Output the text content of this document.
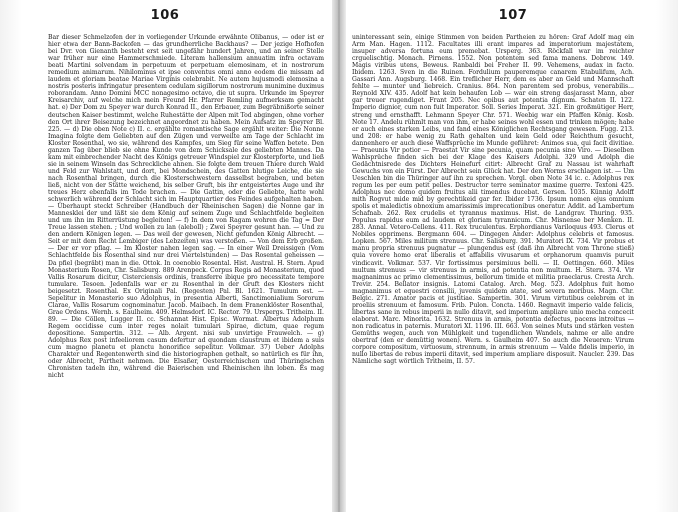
106
Bar dieser Schmelzofen der in vorliegender Urkunde erwähnte Olibanus, — oder ist er hier etwa der Bann-Backofen — das grundherrliche Backhaus? — Der jezige Hofhofen bei Dvr. von Gienanth besteht erst seit ungefähr hundert Jahren, und an seiner Stelle war früher nur eine Hammerschmiede. Literam hallensium annuatim infra octavam beati Martini solvendam in perpetuum et perpetuam elemosinam, et in nostrorum remedium animarum. Nihilominus et ipse conventus omni anno eodem die missam ad laudem et gloriam beatae Mariae Virginis celebrabit. Ne autem hujusmodi elemosina a nostris posteris infringatur presentem cedulam sigillorum nostrorum munimine duximus roborandam. Anno Domini MCC nonagesimo octavo, die ut supra. Urkunde im Speyrer Kreisarchiv, auf welche mich mein Freund Hr. Pfarrer Remling aufmerksam gemacht hat. e) Der Dom zu Speyer war durch Konrad II., den Erbauer, zum Begräbnißorte seiner deutschen Kaiser bestimmt, welche Ruhestätte der Alpen mit Tod abgingen, ohne vorher den Ort ihrer Beisezung bezeichnet angeordnet zu haben. Mein Aufsatz im Speyrer Bl. 225. — d) Die oben Note c) II. c. ergählte romantische Sage ergählt weiter: Die Nonne Imagina folgte dem Geliebten auf den Zügen und verweilte am Tage der Schlacht im Kloster Rosenthal, wo sie, während des Kampfes, um Sieg für seine Waffen betete. Den ganzen Tag über blieb sie ohne Kunde von dem Schicksale des geliebten Mannes. Da kam mit einbrechender Nacht des Königs getreuer Windspiel zur Klosterpforte, und ließ sie in seinem Winseln das Schreckliche ahnen. Sie folgte dem treuen Thiere durch Wald und Feld zur Wahlstatt, und dort, bei Mondschein, des Gatten blutige Leiche, die sie nach Rosenthal bringen, durch die Klosterschwestern dasselbst begraben, und beten ließ, nicht von der Stätte weichend, bis selber Gruft, bis ihr entgeistertes Auge und ihr treues Herz ebenfalls im Tode brachen. — Die Gattin, oder die Geliebte, hatte wohl schwerlich während der Schlacht sich im Hauptquartier des Feindes aufgehalten haben. — Überhaupt steckt Schreiber (Handbuch der Rheinischen Sagen) die Nonne gar in Mannesklei der und läßt sie dem König auf seinem Zuge und Schlachtfelde begleiten und um ihn im Ritterrüstung begleiten! — f) In dem von Ragam wohren die Tag = Der Treue lassen stehen. ; Und wollen zu lan (aleboll) ; Zwei Speyrer gesunt han. — Und zu den andern Königen legen. — Das weil der gewesen, Nicht gefunden König Albrecht. — Seit er mit dem Recht Lembiger (des Lebzeiten) was verstoßen. — Von dem Erb großen. — Der er vor pflag. — Im Kloster nahen legen sag. — In einer Weil Dreissigen (Vom Schlachtfelde bis Rosenthal sind nur drei Viertelstunden) — Das Rosental geheissen — Da pfiel (begräbt) man in die. Ottok. In coenobio Rosental. Hist. Austral. H. Stern. Apud Monasterium Rosen, Chr. Salisburg. 889 Arenpeck. Corpus Regis ad Monasterium, quod Vallis Rosarum dicitur, Cisterciensis ordinis, transferre ibique pro necessitate tempore tumulare. Tesoen. Jedenfalls war er zu Rosenthal in der Gruft des Klosters nicht beigesetzt. Rosenthal. Ex Originali Pal. (Regesten) Pal. Bl. 1621. Tumulum est. — Sepelitur in Monasterio suo Adolphus, in presentia Alberti, Sanctimonialium Sororum Clarae, Vallis Rosarum cognominatur. Jacob. Maibach. In dem Franenklöster Rosenthal, Grae Ordens. Wernh. s. Eaulheim. 409. Helmsdorf. IC. Rector. 79. Urspergs. Tritheim. II. 89. — Die Cöllen, Lugger II. cc. Schannat Hist. Episc. Wormat. Albertus Adolphum Regem occidisse cum inter reges nolait tumulari Spirae, dictum, quae regum depositione. Sampertin. 312. — Alb. Argent. nisi sub unvirtige Frauwelch. — g) Adolphus Rex post infeeliorem casum defertur ad quondam claustrum et ibidem a suis cum magno planetu et planctu honorifice sepelitur. Volkmar. 37) Ueber Adolphs Charakter und Regentenwerth sind die historiographen gethalt, so natürlich es für ihn, oder Albrecht, Partheit nehmen. Die Elsaßer, Oesterreichischen und Thüringischen Chronisten tadeln ihn, während die Baierischen und Rheinischen ihn loben. Es mag nicht
107
uninteressant sein, einige Stimmen von beiden Partheien zu hören: Graf Adolf mag ein Arm Man. Hagen. 1112. Facultates illi erant impares ad imperatorium majestatem, insuper adversa fortuna eum premebat. Ursperg. 363. Röckfall war im reichter crguelischtig. Monach. Pirnens. 1552. Non potentem sed fama manens. Dobrow. 149. Magis viribus utens, Beweus. Ranbaldi bei Freher II. 99. Vehemens, audax in facto. Ibidem. 1263. Sven in die Ruinen. Fordulium pauperemque canarem Etabulifum, Ach. Gassari Ann. Augsburg. 1468. Ein treflicher Herr, dem es aber an Geld und Mannschaft fehlte — munter und liebreich. Cranius. 864. Non parentem sed probus, venerabilis... Reynold XIV. 435. Adolf hat kein behaufen Lob — war ein streng dasjarasst Mann, aber gar treuer rugendiget. Frant 205. Nec opibus aut potentia dignum. Schaten II. 122. Imperio dignior, cum non fuit Imperator. Soll. Series Imperat. 321. Ein großmütiger Herr, streng und ernsthafft. Lehmann Speyer Chr. 571. Weebig war ein Pfaffen König. Kosb. Note 17. Andelu rühmlt man von ihm, er habe seines wohl essen und trinken mögen; habe er auch eines starken Leibs, und fand eines Königlichen Rechtsgang gewesen. Fugg. 213. und 208: er habe wenig zu Rath gehalten und kein Geld oder Reichthum gesucht, dannenhero er auch diese Waffsprüche im Munde geführet: Animos sua, qui facit divitiae. — Praeunis Vir potior — Praestat Vir sine pecunia, quam pecunia sine Viro. — Dieselben Wahlsprüche finden sich bei der Klage des Kaisers Adolphi. 329 und Adolph die Gedächtnisrede des Dichters Heinefurt citirt: Albrecht Graf zu Nassau ist wahrhaft Gewuchs von ein Fürst. Der Albrecht sein Glück hat. Der den Worms erschlagen ist. — Um Ueschlen bin die Thüringer auf ihn zu sprechen. Vorgl. oben Note 34 ic. c. Adolphus rex regum les per eum petit pelles. Destructor terre seminator maxime guerre. Textoni 425. Adolphus nec domo quidem fruitus alii timendus ducebat. Gersen. 1035. Künnig Adolff mith Rogvut mide mid by gerechtikeid gar fer. Ibider 1736. Ipsum nomen ejus omnium spolis et maledictis obnoxium amarissimis imprecationibus oneratur. Addit. ad Lambertum Schafnab. 262. Rex crudelis et tyrannus maximus. Hist. de Landgrav. Thuring. 935. Populus rapidus eum ad laudem et gloriam tyrannicum. Chr. Misnense ber Menken. II. 283. Annal. Vetero-Cellens. 411. Rex truculentus. Erphordianus Variloquus 493. Clerus et Nobiles opprimens. Bergmann 604. — Dingegen Ander: Adolphus celebris et famosus. Lopken. 567. Miles militum strenuus. Chr. Salisburg. 391. Muratori IX. 734. Vir probus et manu propria strenuus pugnatur — plungendus est (daß ihn Albrecht vom Throne stieß) quia vovere homo erat liberalis et affabilis vivusarum et orphanorum quamvis puruit vindicavit. Volkmar. 537. Vir fortissimus persimiuus belli. — II. Oettingen. 660. Miles multum strenuus — vir strenuus in armis, ad potentia non multum. H. Stern. 374. Vir magnanimus ac primo clementissimus, bellorum timide et militia praeclarus. Cresta Arch. Trevir. 254. Bellator insignis. Latomi Catalog. Arch. Meg. 523. Adolphus fuit homo magnanimus et equestri consilii, juvenis quidem atate, sed severa moribus. Magn. Chr. Belgic. 271. Amator pacis et justitiae. Sampertin. 301. Virum virtutibus celebrem et in proeliis strenuum et famosum. Frib. Pulon. Concta. 1460. Regnavit imperio valde felicis, libertas sane in rebus imperii in nullo ditavit, sed imperium ampliare unio mecha concecit elaborat. Marc. Minorita. 1632. Strenuus in armis, potentia defectus, pacens introitus — non radicatus in paternis. Muratori XI. 1196. III. 663. Von seines Muts und stärken vesten Gemüths wegen, auch von Mühlgkeit und tugendlichen Wandels, nahme er alle andre obertraf (den er demüttig wonen). Wern. s. Gaulheim 407. So auch die Neueren: Virum corpore compositum, virtuosum, strennum, in armis strenuum — Valde fidelis imperio, in nullo libertas de rebus imperii ditavit, sed imperium ampliare disposuit. Naucler. 239. Das Nämliche sagt wörtlich Tritheim, II. 57.
